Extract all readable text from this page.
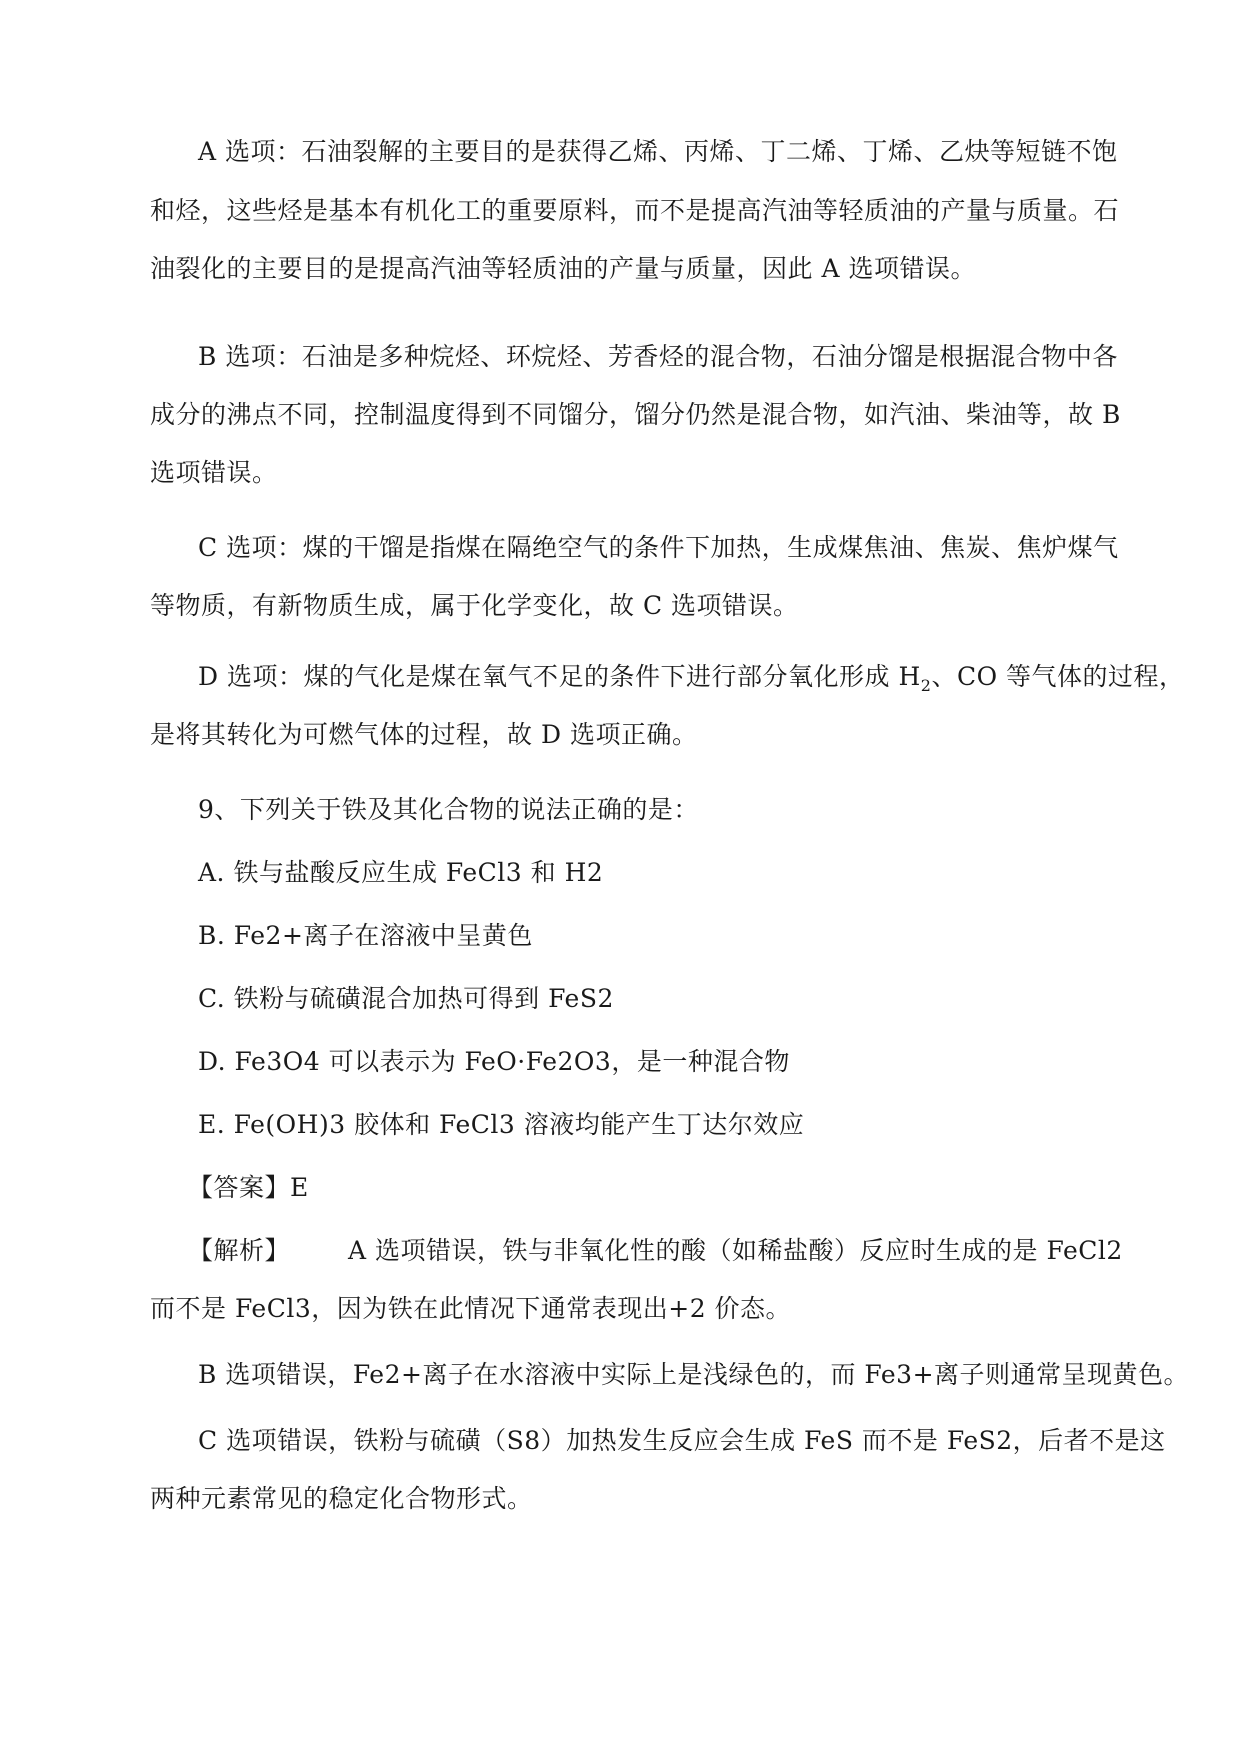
A 选项：石油裂解的主要目的是获得乙烯、丙烯、丁二烯、丁烯、乙炔等短链不饱
和烃，这些烃是基本有机化工的重要原料，而不是提高汽油等轻质油的产量与质量。石
油裂化的主要目的是提高汽油等轻质油的产量与质量，因此 A 选项错误。
B 选项：石油是多种烷烃、环烷烃、芳香烃的混合物，石油分馏是根据混合物中各
成分的沸点不同，控制温度得到不同馏分，馏分仍然是混合物，如汽油、柴油等，故 B
选项错误。
C 选项：煤的干馏是指煤在隔绝空气的条件下加热，生成煤焦油、焦炭、焦炉煤气
等物质，有新物质生成，属于化学变化，故 C 选项错误。
D 选项：煤的气化是煤在氧气不足的条件下进行部分氧化形成 $H_2$、CO 等气体的过程，
是将其转化为可燃气体的过程，故 D 选项正确。
9、下列关于铁及其化合物的说法正确的是：
A. 铁与盐酸反应生成 FeCl3 和 H2
B. Fe2+离子在溶液中呈黄色
C. 铁粉与硫磺混合加热可得到 FeS2
D. Fe3O4 可以表示为 FeO·Fe2O3，是一种混合物
E. Fe(OH)3 胶体和 FeCl3 溶液均能产生丁达尔效应
【答案】E
【解析】 A 选项错误，铁与非氧化性的酸（如稀盐酸）反应时生成的是 FeCl2
而不是 FeCl3，因为铁在此情况下通常表现出+2 价态。
B 选项错误，Fe2+离子在水溶液中实际上是浅绿色的，而 Fe3+离子则通常呈现黄色。
C 选项错误，铁粉与硫磺（S8）加热发生反应会生成 FeS 而不是 FeS2，后者不是这
两种元素常见的稳定化合物形式。
